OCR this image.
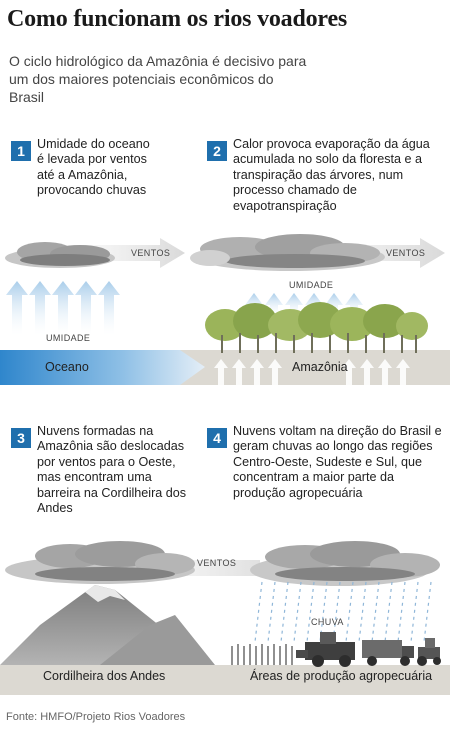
Como funcionam os rios voadores
O ciclo hidrológico da Amazônia é decisivo para um dos maiores potenciais econômicos do Brasil
1 Umidade do oceano é levada por ventos até a Amazônia, provocando chuvas
2 Calor provoca evaporação da água acumulada no solo da floresta e a transpiração das árvores, num processo chamado de evapotranspiração
3 Nuvens formadas na Amazônia são deslocadas por ventos para o Oeste, mas encontram uma barreira na Cordilheira dos Andes
4 Nuvens voltam na direção do Brasil e geram chuvas ao longo das regiões Centro-Oeste, Sudeste e Sul, que concentram a maior parte da produção agropecuária
VENTOS	VENTOS
UMIDADE
UMIDADE
Oceano	Amazônia
VENTOS
CHUVA
Cordilheira dos Andes	Áreas de produção agropecuária
Fonte: HMFO/Projeto Rios Voadores
